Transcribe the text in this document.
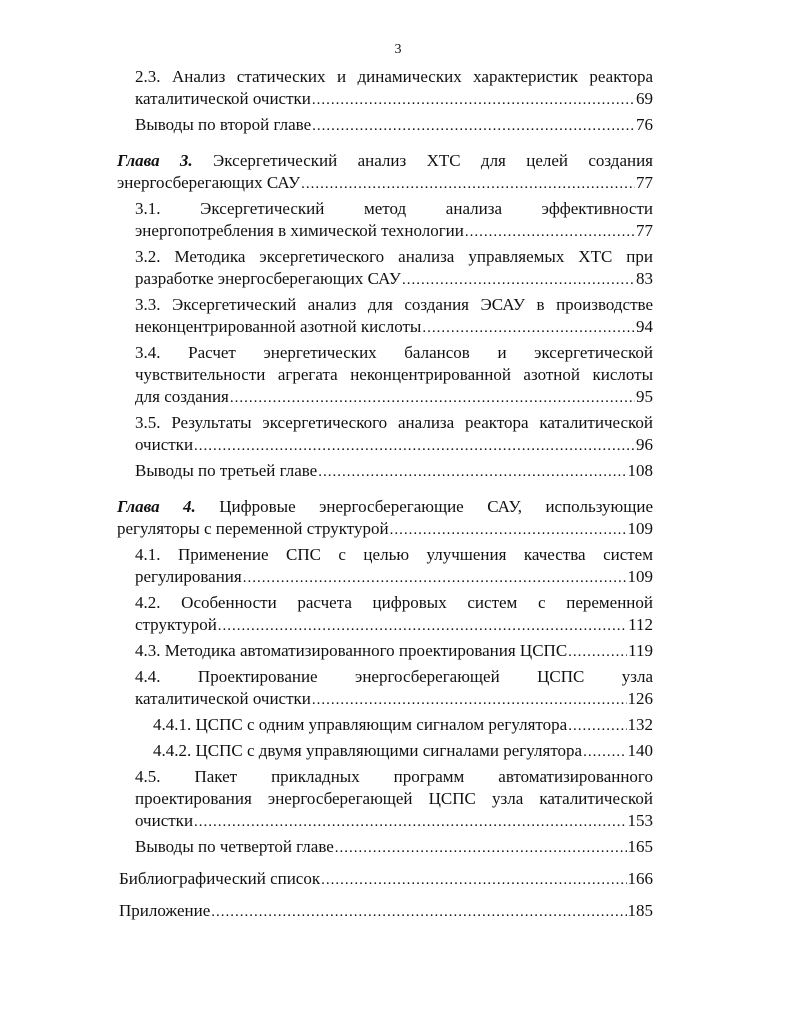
3
2.3. Анализ статических и динамических характеристик реактора
каталитической очистки .....	69
Выводы по второй главе .....	76
Глава 3. Эксергетический анализ ХТС для целей создания
энергосберегающих САУ .....	77
3.1. Эксергетический метод анализа эффективности
энергопотребления в химической технологии .....	77
3.2. Методика эксергетического анализа управляемых ХТС при
разработке энергосберегающих САУ .....	83
3.3. Эксергетический анализ для создания ЭСАУ в производстве
неконцентрированной азотной кислоты .....	94
3.4. Расчет энергетических балансов и эксергетической
чувствительности агрегата неконцентрированной азотной кислоты
для создания .....	95
3.5. Результаты эксергетического анализа реактора каталитической
очистки .....	96
Выводы по третьей главе .....	108
Глава 4. Цифровые энергосберегающие САУ, использующие
регуляторы с переменной структурой .....	109
4.1. Применение СПС с целью улучшения качества систем
регулирования .....	109
4.2. Особенности расчета цифровых систем с переменной
структурой .....	112
4.3. Методика автоматизированного проектирования ЦСПС .....	119
4.4. Проектирование энергосберегающей ЦСПС узла
каталитической очистки .....	126
4.4.1. ЦСПС с одним управляющим сигналом регулятора .....	132
4.4.2. ЦСПС с двумя управляющими сигналами регулятора .....	140
4.5. Пакет прикладных программ автоматизированного
проектирования энергосберегающей ЦСПС узла каталитической
очистки .....	153
Выводы по четвертой главе .....	165
Библиографический список .....	166
Приложение .....	185
